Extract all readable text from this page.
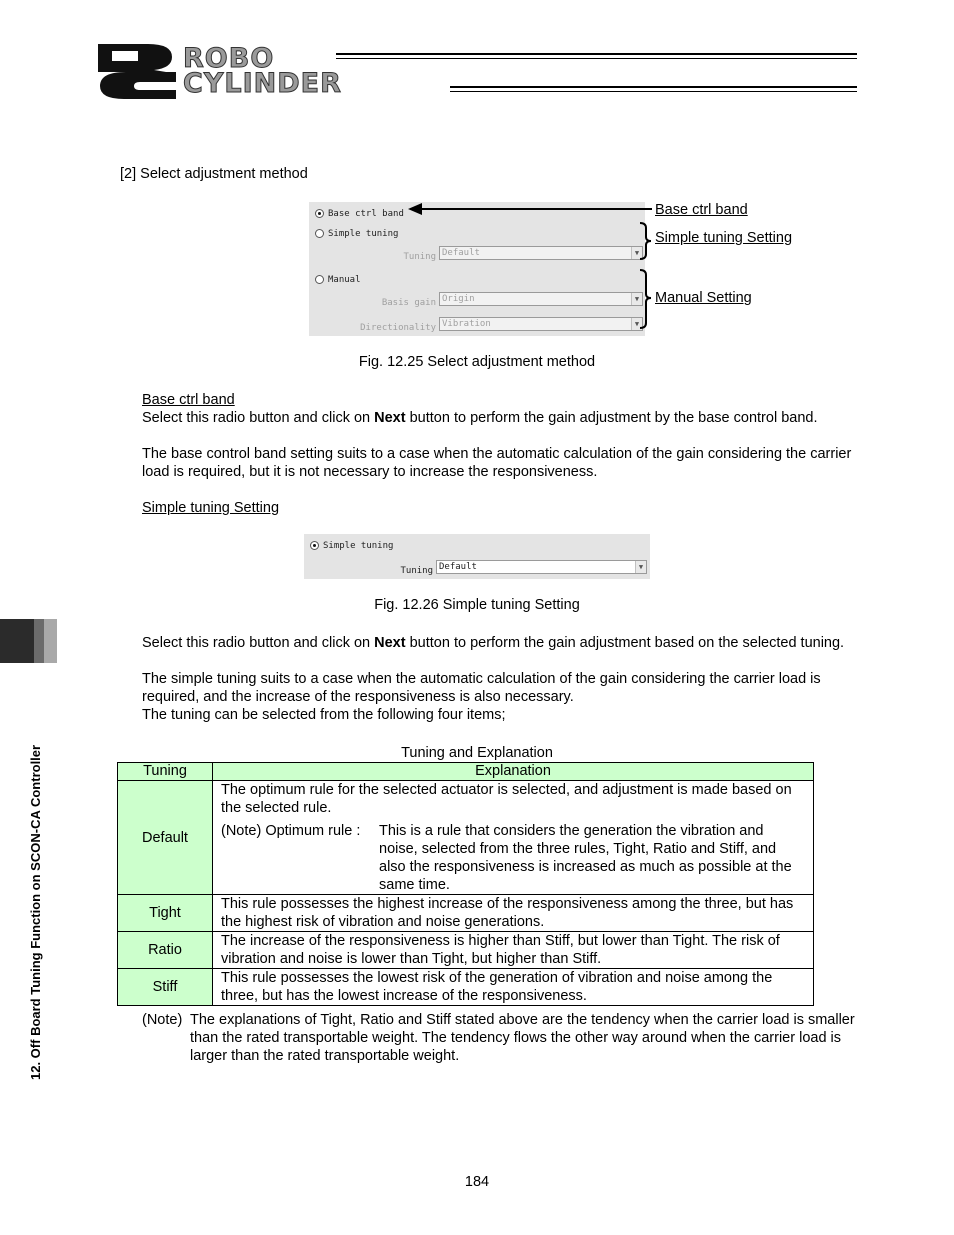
ROBO
CYLINDER
12. Off Board Tuning Function on SCON-CA Controller
[2] Select adjustment method
Base ctrl band
Simple tuning
Tuning Default	▼
Manual
Basis gain Origin	▼
Directionality Vibration	▼
Base ctrl band
Simple tuning Setting
Manual Setting
Fig. 12.25 Select adjustment method
Base ctrl band
Select this radio button and click on Next button to perform the gain adjustment by the base control band.
The base control band setting suits to a case when the automatic calculation of the gain considering the carrier load is required, but it is not necessary to increase the responsiveness.
Simple tuning Setting
Simple tuning
Tuning Default	▼
Fig. 12.26 Simple tuning Setting
Select this radio button and click on Next button to perform the gain adjustment based on the selected tuning.
The simple tuning suits to a case when the automatic calculation of the gain considering the carrier load is required, and the increase of the responsiveness is also necessary.
The tuning can be selected from the following four items;
Tuning and Explanation
Tuning	Explanation
Default	The optimum rule for the selected actuator is selected, and adjustment is made based on the selected rule.
(Note) Optimum rule : This is a rule that considers the generation the vibration and noise, selected from the three rules, Tight, Ratio and Stiff, and also the responsiveness is increased as much as possible at the same time.

Tight	This rule possesses the highest increase of the responsiveness among the three, but has the highest risk of vibration and noise generations.
Ratio	The increase of the responsiveness is higher than Stiff, but lower than Tight. The risk of vibration and noise is lower than Tight, but higher than Stiff.
Stiff	This rule possesses the lowest risk of the generation of vibration and noise among the three, but has the lowest increase of the responsiveness.
(Note) The explanations of Tight, Ratio and Stiff stated above are the tendency when the carrier load is smaller than the rated transportable weight. The tendency flows the other way around when the carrier load is larger than the rated transportable weight.
184
